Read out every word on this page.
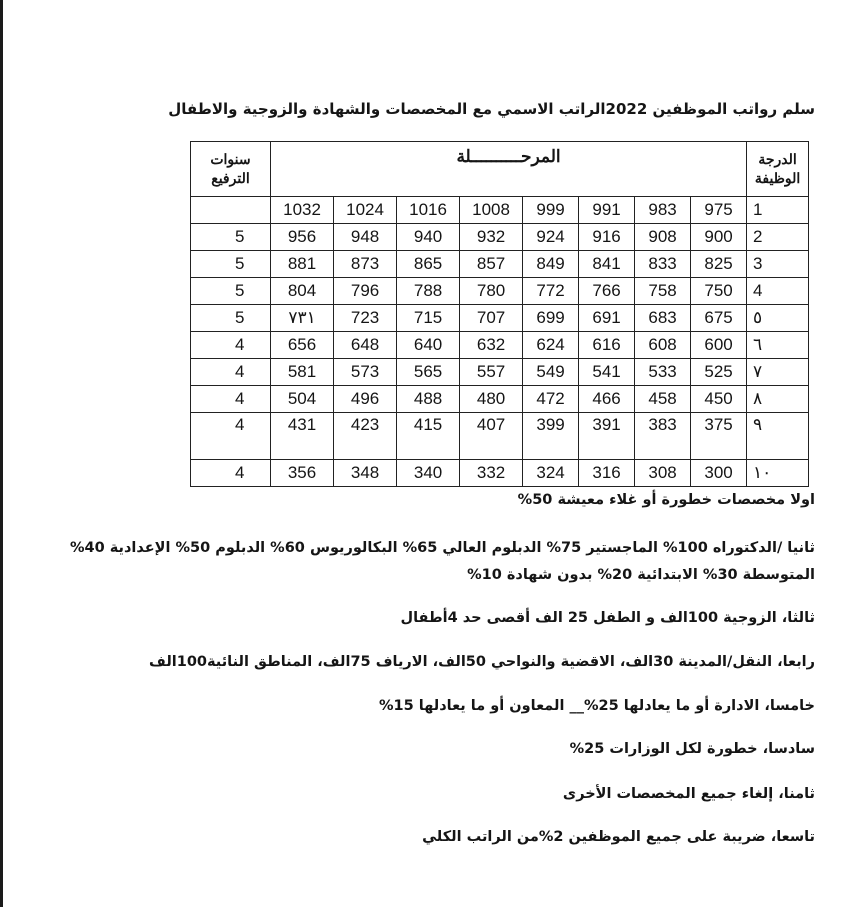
سلم رواتب الموظفين 2022الراتب الاسمي مع المخصصات والشهادة والزوجية والاطفال
الدرجة الوظيفة	المرحــــــــــلة								سنوات الترفيع
1	975	983	991	999	1008	1016	1024	1032	
2	900	908	916	924	932	940	948	956	5
3	825	833	841	849	857	865	873	881	5
4	750	758	766	772	780	788	796	804	5
٥	675	683	691	699	707	715	723	٧٣١	5
٦	600	608	616	624	632	640	648	656	4
٧	525	533	541	549	557	565	573	581	4
٨	450	458	466	472	480	488	496	504	4
٩	375	383	391	399	407	415	423	431	4
١٠	300	308	316	324	332	340	348	356	4
اولا مخصصات خطورة أو غلاء معيشة 50%
ثانيا /الدكتوراه 100% الماجستير 75% الدبلوم العالي 65% البكالوريوس 60% الدبلوم 50% الإعدادية 40%
المتوسطة 30% الابتدائية 20% بدون شهادة 10%
ثالثا، الزوجية 100الف و الطفل 25 الف أقصى حد 4أطفال
رابعا، النقل/المدينة 30الف، الاقضية والنواحي 50الف، الارياف 75الف، المناطق النائية100الف
خامسا، الادارة أو ما يعادلها 25%__ المعاون أو ما يعادلها 15%
سادسا، خطورة لكل الوزارات 25%
ثامنا، إلغاء جميع المخصصات الأخرى
تاسعا، ضريبة على جميع الموظفين 2%من الراتب الكلي
